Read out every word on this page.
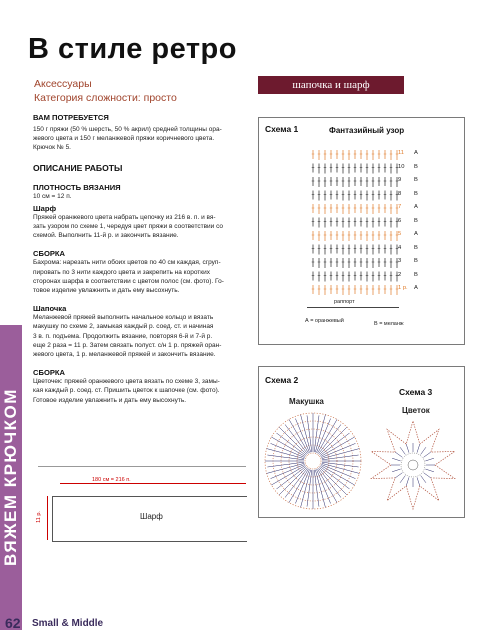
В стиле ретро
Аксессуары
Категория сложности: просто
шапочка и шарф
ВАМ ПОТРЕБУЕТСЯ
150 г пряжи (50 % шерсть, 50 % акрил) средней толщины ора-
жевого цвета и 150 г меланжевой пряжи коричневого цвета.
Крючок № 5.
ОПИСАНИЕ РАБОТЫ
ПЛОТНОСТЬ ВЯЗАНИЯ
10 см = 12 п.
Шарф
Пряжей оранжевого цвета набрать цепочку из 216 в. п. и вя-
зать узором по схеме 1, чередуя цвет пряжи в соответствии со
схемой. Выполнить 11-й р. и закончить вязание.
СБОРКА
Бахрома: нарезать нити обоих цветов по 40 см каждая, сгруп-
пировать по 3 нити каждого цвета и закрепить на коротких
сторонах шарфа в соответствии с цветом полос (см. фото). Го-
товое изделие увлажнить и дать ему высохнуть.
Шапочка
Меланжевой пряжей выполнить начальное кольцо и вязать
макушку по схеме 2, замыкая каждый р. соед. ст. и начиная
3 в. п. подъема. Продолжить вязание, повторяя 6-й и 7-й р.
еще 2 раза = 11 р. Затем связать полуст. с/н 1 р. пряжей оран-
жевого цвета, 1 р. меланжевой пряжей и закончить вязание.
СБОРКА
Цветочек: пряжей оранжевого цвета вязать по схеме 3, замы-
кая каждый р. соед. ст. Пришить цветок к шапочке (см. фото).
Готовое изделие увлажнить и дать ему высохнуть.
180 см = 216 п.
Шарф
11 р.
ВЯЖЕМ КРЮЧКОМ
62 Small & Middle
Схема 1	Фантазийный узор
11 А
10 В
9 В
8 В
7 А
6 В
5 А
4 В
3 В
2 В
1 р. А
раппорт
А = оранжевый	В = меланж
Схема 2
Макушка
Схема 3
Цветок
